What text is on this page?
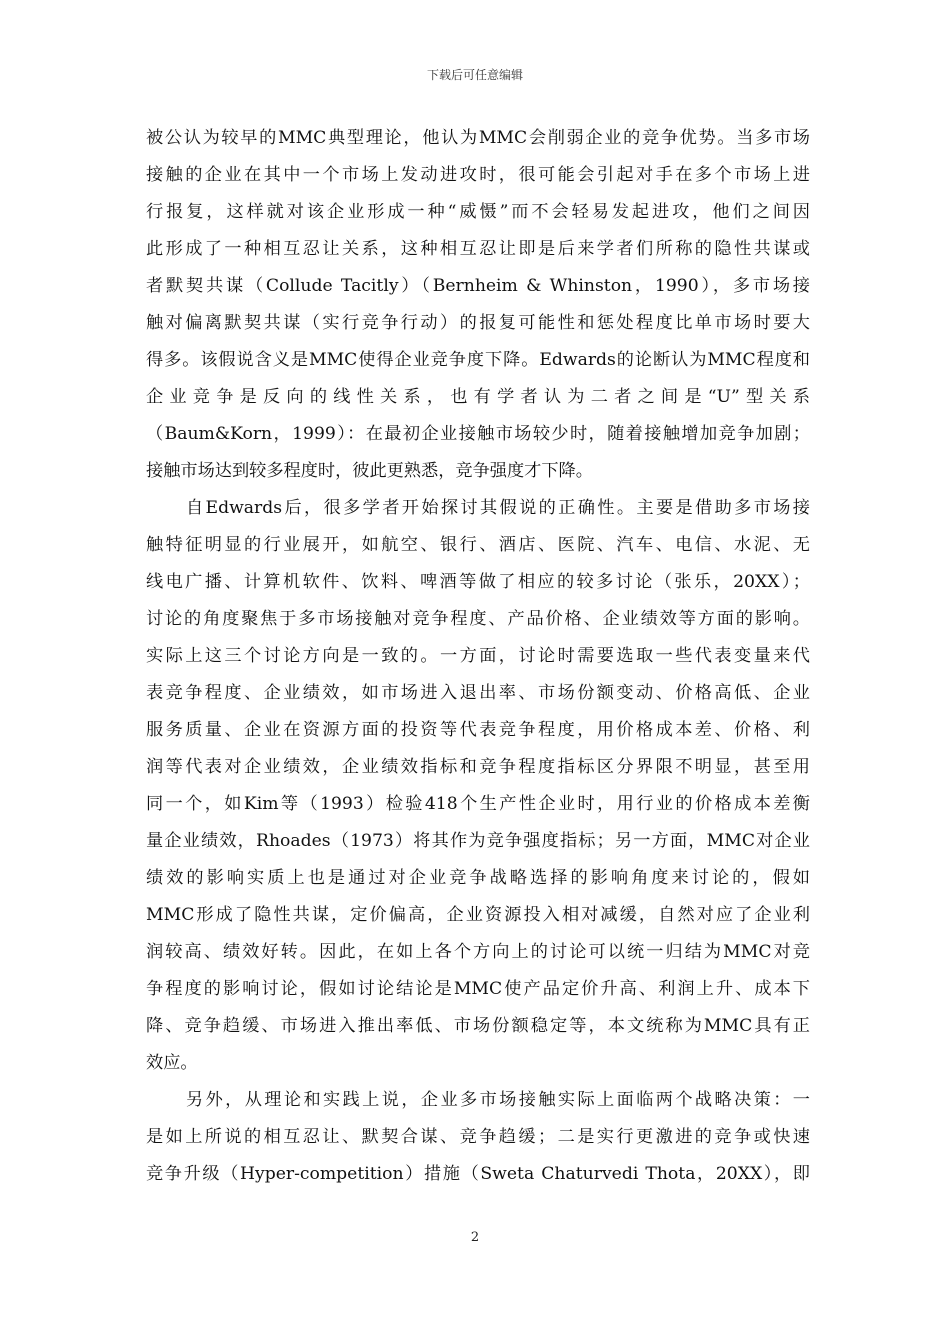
下载后可任意编辑
被公认为较早的MMC典型理论，他认为MMC会削弱企业的竞争优势。当多市场
接触的企业在其中一个市场上发动进攻时，很可能会引起对手在多个市场上进
行报复，这样就对该企业形成一种“威慑”而不会轻易发起进攻，他们之间因
此形成了一种相互忍让关系，这种相互忍让即是后来学者们所称的隐性共谋或
者默契共谋（Collude Tacitly）（Bernheim & Whinston，1990），多市场接
触对偏离默契共谋（实行竞争行动）的报复可能性和惩处程度比单市场时要大
得多。该假说含义是MMC使得企业竞争度下降。Edwards的论断认为MMC程度和
企业竞争是反向的线性关系，也有学者认为二者之间是“U”型关系
（Baum&Korn，1999）：在最初企业接触市场较少时，随着接触增加竞争加剧；
接触市场达到较多程度时，彼此更熟悉，竞争强度才下降。
自Edwards后，很多学者开始探讨其假说的正确性。主要是借助多市场接
触特征明显的行业展开，如航空、银行、酒店、医院、汽车、电信、水泥、无
线电广播、计算机软件、饮料、啤酒等做了相应的较多讨论（张乐，20XX）；
讨论的角度聚焦于多市场接触对竞争程度、产品价格、企业绩效等方面的影响。
实际上这三个讨论方向是一致的。一方面，讨论时需要选取一些代表变量来代
表竞争程度、企业绩效，如市场进入退出率、市场份额变动、价格高低、企业
服务质量、企业在资源方面的投资等代表竞争程度，用价格成本差、价格、利
润等代表对企业绩效，企业绩效指标和竞争程度指标区分界限不明显，甚至用
同一个，如Kim等（1993）检验418个生产性企业时，用行业的价格成本差衡
量企业绩效，Rhoades（1973）将其作为竞争强度指标；另一方面，MMC对企业
绩效的影响实质上也是通过对企业竞争战略选择的影响角度来讨论的，假如
MMC形成了隐性共谋，定价偏高，企业资源投入相对减缓，自然对应了企业利
润较高、绩效好转。因此，在如上各个方向上的讨论可以统一归结为MMC对竞
争程度的影响讨论，假如讨论结论是MMC使产品定价升高、利润上升、成本下
降、竞争趋缓、市场进入推出率低、市场份额稳定等，本文统称为MMC具有正
效应。
另外，从理论和实践上说，企业多市场接触实际上面临两个战略决策：一
是如上所说的相互忍让、默契合谋、竞争趋缓；二是实行更激进的竞争或快速
竞争升级（Hyper-competition）措施（Sweta Chaturvedi Thota，20XX），即
2
